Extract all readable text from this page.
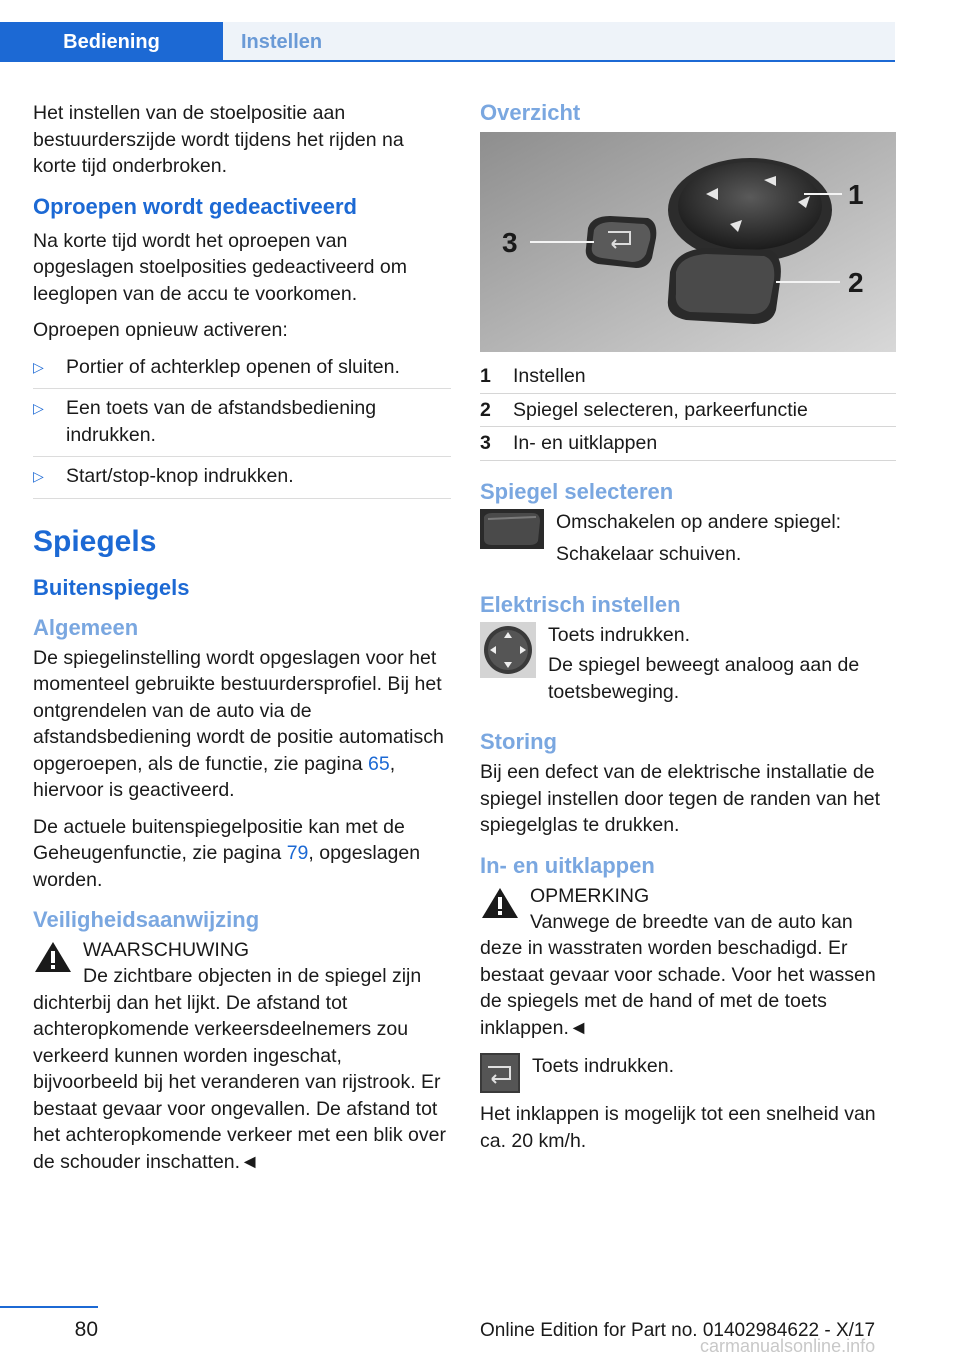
Bediening	Instellen

Het instellen van de stoelpositie aan bestuurderszijde wordt tijdens het rijden na korte tijd onderbroken.

Oproepen wordt gedeactiveerd

Na korte tijd wordt het oproepen van opgeslagen stoelposities gedeactiveerd om leeglopen van de accu te voorkomen.

Oproepen opnieuw activeren:

▷ Portier of achterklep openen of sluiten.
▷ Een toets van de afstandsbediening indrukken.
▷ Start/stop-knop indrukken.
Spiegels
Buitenspiegels
Algemeen

De spiegelinstelling wordt opgeslagen voor het momenteel gebruikte bestuurdersprofiel. Bij het ontgrendelen van de auto via de afstandsbediening wordt de positie automatisch opgeroepen, als de functie, zie pagina 65, hiervoor is geactiveerd.

De actuele buitenspiegelpositie kan met de Geheugenfunctie, zie pagina 79, opgeslagen worden.

Veiligheidsaanwijzing
WAARSCHUWING

De zichtbare objecten in de spiegel zijn dichterbij dan het lijkt. De afstand tot achteropkomende verkeersdeelnemers zou verkeerd kunnen worden ingeschat, bijvoorbeeld bij het veranderen van rijstrook. Er bestaat gevaar voor ongevallen. De afstand tot het achteropkomende verkeer met een blik over de schouder inschatten.◄

Overzicht
1
2
3
1	Instellen
2	Spiegel selecteren, parkeerfunctie
3	In- en uitklappen
Spiegel selecteren

Omschakelen op andere spiegel:

Schakelaar schuiven.

Elektrisch instellen

Toets indrukken.

De spiegel beweegt analoog aan de toetsbeweging.

Storing

Bij een defect van de elektrische installatie de spiegel instellen door tegen de randen van het spiegelglas te drukken.

In- en uitklappen
OPMERKING

Vanwege de breedte van de auto kan deze in wasstraten worden beschadigd. Er bestaat gevaar voor schade. Voor het wassen de spiegels met de hand of met de toets inklappen.◄

Toets indrukken.

Het inklappen is mogelijk tot een snelheid van ca. 20 km/h.

80	Online Edition for Part no. 01402984622 - X/17
carmanualsonline.info
